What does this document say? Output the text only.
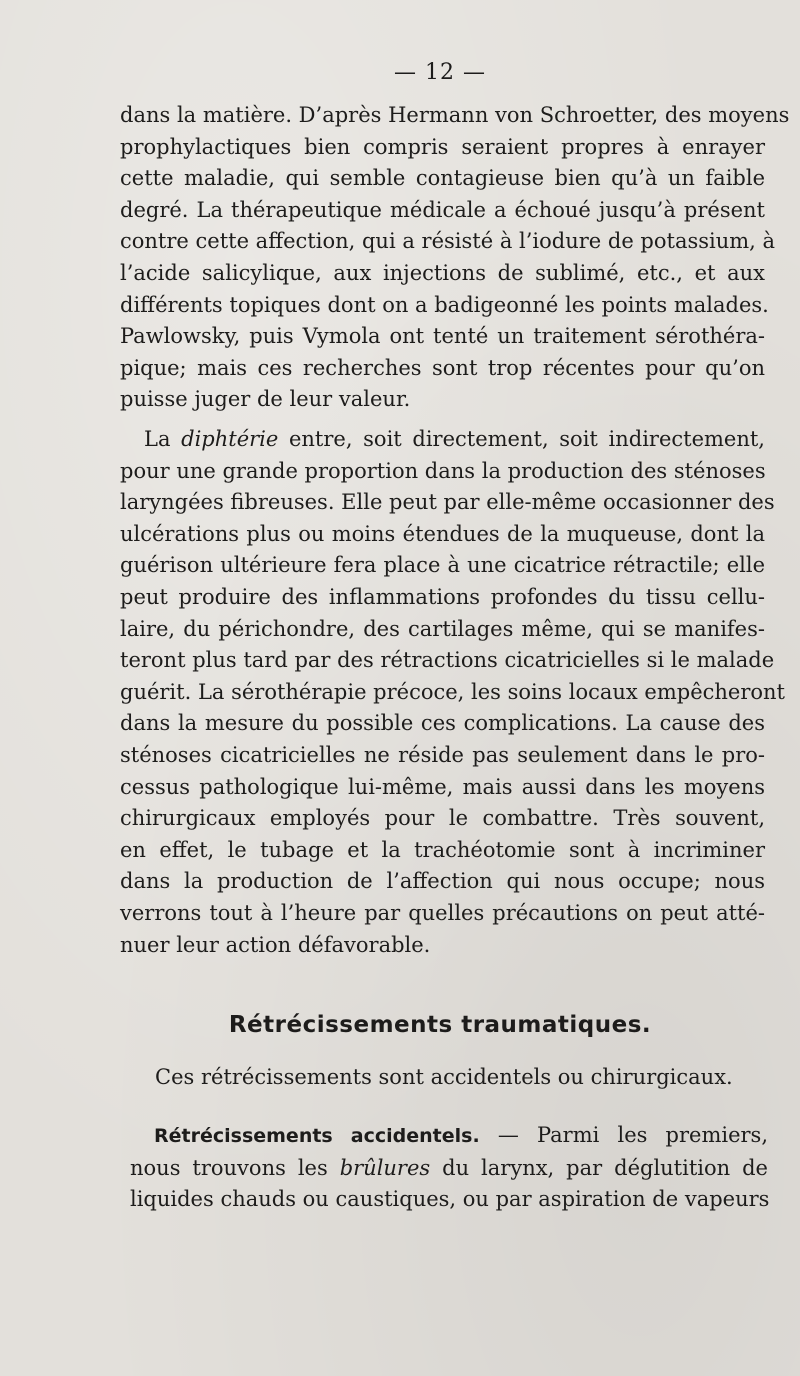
— 12 —
dans la matière. D’après Hermann von Schroetter, des moyens
prophylactiques bien compris seraient propres à enrayer
cette maladie, qui semble contagieuse bien qu’à un faible
degré. La thérapeutique médicale a échoué jusqu’à présent
contre cette affection, qui a résisté à l’iodure de potassium, à
l’acide salicylique, aux injections de sublimé, etc., et aux
différents topiques dont on a badigeonné les points malades.
Pawlowsky, puis Vymola ont tenté un traitement sérothéra-
pique; mais ces recherches sont trop récentes pour qu’on
puisse juger de leur valeur.
La diphtérie entre, soit directement, soit indirectement,
pour une grande proportion dans la production des sténoses
laryngées fibreuses. Elle peut par elle-même occasionner des
ulcérations plus ou moins étendues de la muqueuse, dont la
guérison ultérieure fera place à une cicatrice rétractile; elle
peut produire des inflammations profondes du tissu cellu-
laire, du périchondre, des cartilages même, qui se manifes-
teront plus tard par des rétractions cicatricielles si le malade
guérit. La sérothérapie précoce, les soins locaux empêcheront
dans la mesure du possible ces complications. La cause des
sténoses cicatricielles ne réside pas seulement dans le pro-
cessus pathologique lui-même, mais aussi dans les moyens
chirurgicaux employés pour le combattre. Très souvent,
en effet, le tubage et la trachéotomie sont à incriminer
dans la production de l’affection qui nous occupe; nous
verrons tout à l’heure par quelles précautions on peut atté-
nuer leur action défavorable.
Rétrécissements traumatiques.
Ces rétrécissements sont accidentels ou chirurgicaux.
Rétrécissements accidentels. — Parmi les premiers,
nous trouvons les brûlures du larynx, par déglutition de
liquides chauds ou caustiques, ou par aspiration de vapeurs
